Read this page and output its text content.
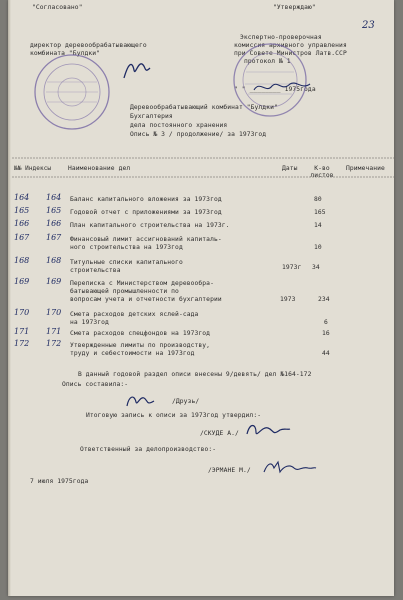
"Согласовано"	"Утверждаю"
23
директор деревообрабатывающего
комбината "Булдки"
Экспертно-проверочная
комиссия архивного управления
при Совете Министров Латв.ССР
протокол № 1
" " ________ 1975года
Деревообрабатывающий комбинат "Булдки"
Бухгалтерия
дела постоянного хранения
Опись № 3 / продолжение/ за 1973год
№№ Индексы	Наименование дел	Даты	К-во листов
Примечание
164 164 Баланс капитального вложения за 1973год	80
165 165 Годовой отчет с приложениями за 1973год	165
166 166 План капитального строительства на 1973г.	14
167 167 Финансовый лимит ассигнований капиталь-
ного строительства на 1973год	10
168 168 Титульные списки капитального
строительства	1973г 34
169 169 Переписка с Министерством деревообра-
батывающей промышленности по
вопросам учета и отчетности бухгалтерии	1973	234
170 170 Смета расходов детских яслей-сада
на 1973год	6
171 171 Смета расходов спецфондов на 1973год	16
172 172 Утвержденные лимиты по производству,
труду и себестоимости на 1973год	44
В данный годовой раздел описи внесены 9/девять/ дел №164-172
Опись составила:-
/Друзь/
Итоговую запись к описи за 1973год утвердил:-
/СКУДЕ А./
Ответственный за делопроизводство:-
/ЭРМАНЕ М./
7 июля 1975года
